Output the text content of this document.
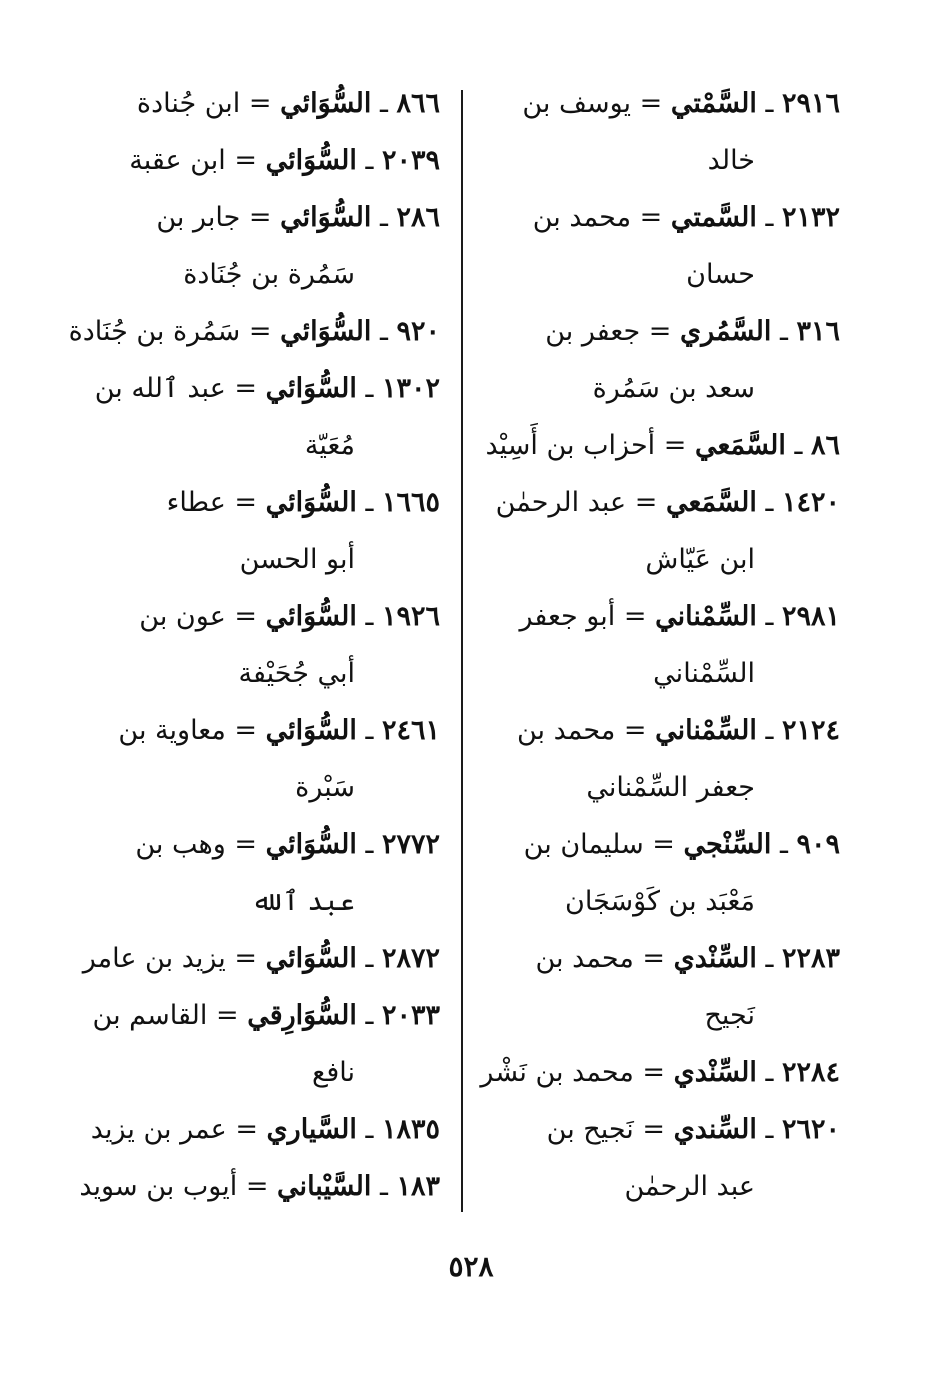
٢٩١٦ ـ السَّمْتي = يوسف بن
خالد
٢١٣٢ ـ السَّمتي = محمد بن
حسان
٣١٦ ـ السَّمُري = جعفر بن
سعد بن سَمُرة
٨٦ ـ السَّمَعي = أحزاب بن أَسِيْد
١٤٢٠ ـ السَّمَعي = عبد الرحمٰن
ابن عَيّاش
٢٩٨١ ـ السِّمْناني = أبو جعفر
السِّمْناني
٢١٢٤ ـ السِّمْناني = محمد بن
جعفر السِّمْناني
٩٠٩ ـ السِّنْجي = سليمان بن
مَعْبَد بن كَوْسَجَان
٢٢٨٣ ـ السِّنْدي = محمد بن
نَجيح
٢٢٨٤ ـ السِّنْدي = محمد بن نَشْر
٢٦٢٠ ـ السِّندي = نَجيح بن
عبد الرحمٰن
٨٦٦ ـ السُّوَائي = ابن جُنادة
٢٠٣٩ ـ السُّوَائي = ابن عقبة
٢٨٦ ـ السُّوَائي = جابر بن
سَمُرة بن جُنَادة
٩٢٠ ـ السُّوَائي = سَمُرة بن جُنَادة
١٣٠٢ ـ السُّوَائي = عبد ٱلله بن
مُعَيّة
١٦٦٥ ـ السُّوَائي = عطاء
أبو الحسن
١٩٢٦ ـ السُّوَائي = عون بن
أبي جُحَيْفة
٢٤٦١ ـ السُّوَائي = معاوية بن
سَبْرة
٢٧٧٢ ـ السُّوَائي = وهب بن
عبد ٱلله
٢٨٧٢ ـ السُّوَائي = يزيد بن عامر
٢٠٣٣ ـ السُّوَارِقي = القاسم بن
نافع
١٨٣٥ ـ السَّياري = عمر بن يزيد
١٨٣ ـ السَّيْباني = أيوب بن سويد
٥٢٨
